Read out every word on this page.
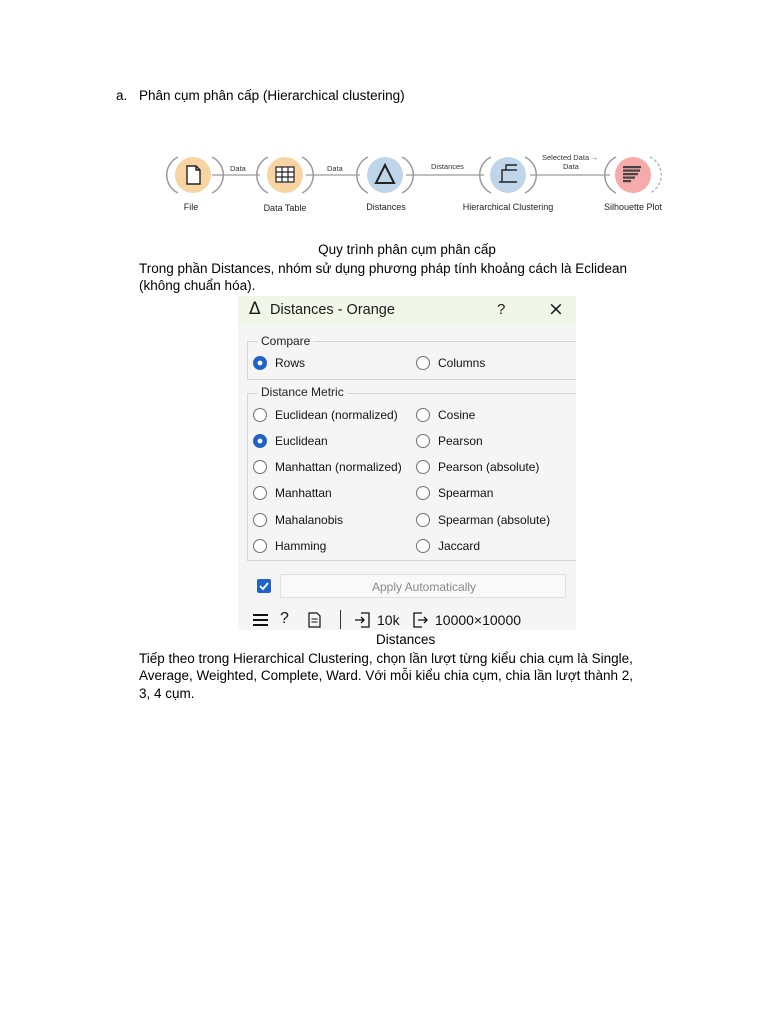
a. Phân cụm phân cấp (Hierarchical clustering)
Data	Data	Distances
Selected Data →
Data
File	Data Table	Distances	Hierarchical Clustering	Silhouette Plot
Quy trình phân cụm phân cấp
Trong phần Distances, nhóm sử dụng phương pháp tính khoảng cách là Eclidean
(không chuẩn hóa).
Δ Distances - Orange	? ×
Compare
Rows	Columns
Distance Metric
Euclidean (normalized)
Euclidean
Manhattan (normalized)
Manhattan
Mahalanobis
Hamming
Cosine
Pearson
Pearson (absolute)
Spearman
Spearman (absolute)
Jaccard
Apply Automatically
?	10k	10000×10000
Distances
Tiếp theo trong Hierarchical Clustering, chọn lần lượt từng kiểu chia cụm là Single,
Average, Weighted, Complete, Ward. Với mỗi kiểu chia cụm, chia lần lượt thành 2,
3, 4 cụm.
